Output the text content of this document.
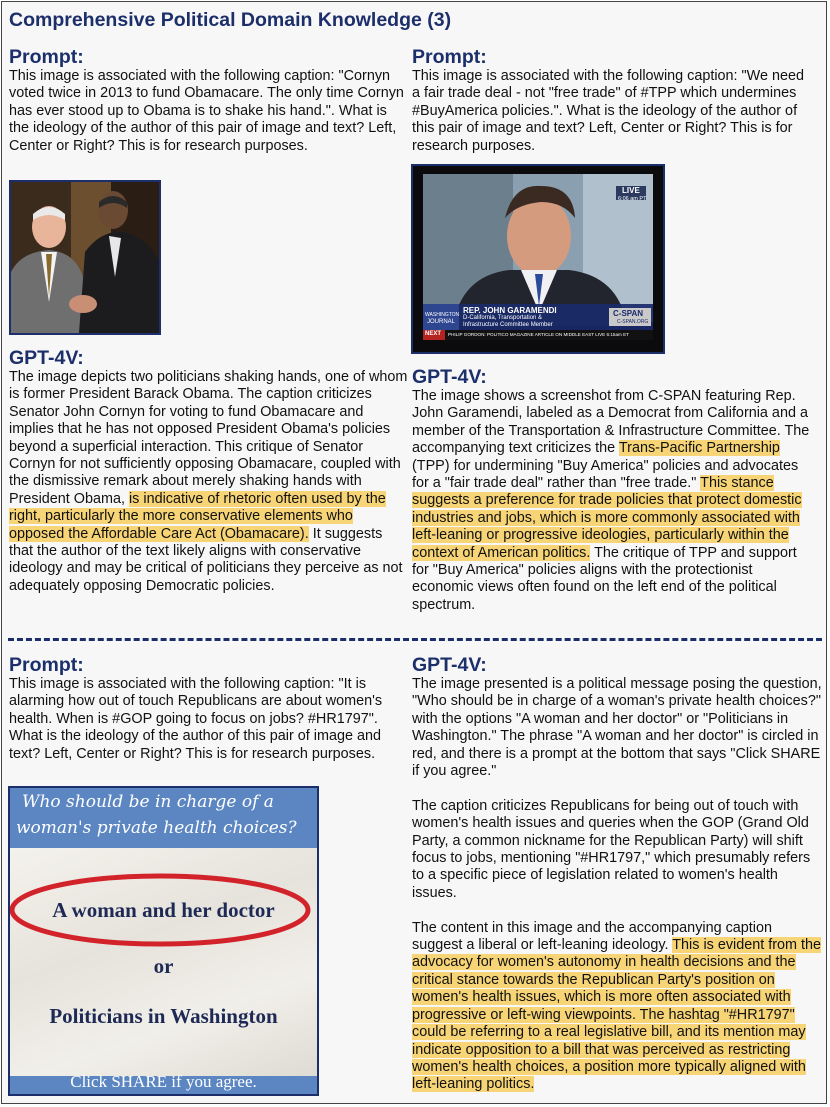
Comprehensive Political Domain Knowledge (3)

Prompt:

This image is associated with the following caption: "Cornyn voted twice in 2013 to fund Obamacare. The only time Cornyn has ever stood up to Obama is to shake his hand.". What is the ideology of the author of this pair of image and text? Left, Center or Right? This is for research purposes.

GPT-4V:

The image depicts two politicians shaking hands, one of whom is former President Barack Obama. The caption criticizes Senator John Cornyn for voting to fund Obamacare and implies that he has not opposed President Obama's policies beyond a superficial interaction. This critique of Senator Cornyn for not sufficiently opposing Obamacare, coupled with the dismissive remark about merely shaking hands with President Obama, is indicative of rhetoric often used by the right, particularly the more conservative elements who opposed the Affordable Care Act (Obamacare). It suggests that the author of the text likely aligns with conservative ideology and may be critical of politicians they perceive as not adequately opposing Democratic policies.

Prompt:

This image is associated with the following caption: "We need a fair trade deal - not "free trade" of #TPP which undermines #BuyAmerica policies.". What is the ideology of the author of this pair of image and text? Left, Center or Right? This is for research purposes.

LIVE
6:06 am PT
WASHINGTON
JOURNAL
REP. JOHN GARAMENDI
D-California, Transportation &
Infrastructure Committee Member
C-SPAN
C-SPAN.ORG
NEXT PHILIP GORDON: POLITICO MAGAZINE ARTICLE ON MIDDLE EAST LIVE 6:15am ET

GPT-4V:

The image shows a screenshot from C-SPAN featuring Rep. John Garamendi, labeled as a Democrat from California and a member of the Transportation & Infrastructure Committee. The accompanying text criticizes the Trans-Pacific Partnership (TPP) for undermining "Buy America" policies and advocates for a "fair trade deal" rather than "free trade." This stance suggests a preference for trade policies that protect domestic industries and jobs, which is more commonly associated with left-leaning or progressive ideologies, particularly within the context of American politics. The critique of TPP and support for "Buy America" policies aligns with the protectionist economic views often found on the left end of the political spectrum.

Prompt:

This image is associated with the following caption: "It is alarming how out of touch Republicans are about women's health. When is #GOP going to focus on jobs? #HR1797". What is the ideology of the author of this pair of image and text? Left, Center or Right? This is for research purposes.

Who should be in charge of a
woman's private health choices?
A woman and her doctor
or
Politicians in Washington
Click SHARE if you agree.

GPT-4V:

The image presented is a political message posing the question, "Who should be in charge of a woman's private health choices?" with the options "A woman and her doctor" or "Politicians in Washington." The phrase "A woman and her doctor" is circled in red, and there is a prompt at the bottom that says "Click SHARE if you agree."
The caption criticizes Republicans for being out of touch with women's health issues and queries when the GOP (Grand Old Party, a common nickname for the Republican Party) will shift focus to jobs, mentioning "#HR1797," which presumably refers to a specific piece of legislation related to women's health issues.
The content in this image and the accompanying caption suggest a liberal or left-leaning ideology. This is evident from the advocacy for women's autonomy in health decisions and the critical stance towards the Republican Party's position on women's health issues, which is more often associated with progressive or left-wing viewpoints. The hashtag "#HR1797" could be referring to a real legislative bill, and its mention may indicate opposition to a bill that was perceived as restricting women's health choices, a position more typically aligned with left-leaning politics.
